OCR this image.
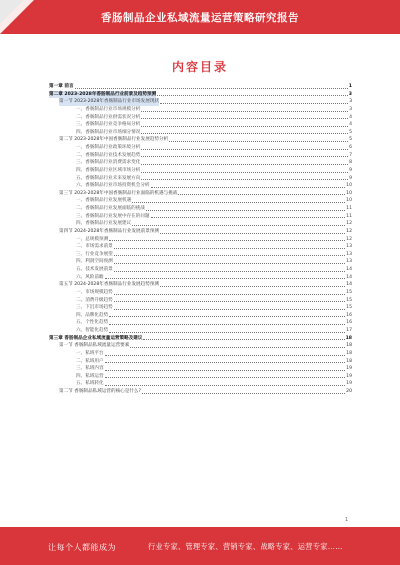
香肠制品企业私域流量运营策略研究报告
内容目录
第一章 前言	1
第二章 2023-2028年香肠制品行业前景及趋势预测	3
第一节 2023-2028年香肠制品行业市场发展现状	3
一、香肠制品行业市场规模分析	3
二、香肠制品行业供需状况分析	4
三、香肠制品行业竞争格局分析	4
四、香肠制品行业市场细分情况	5
第二节 2023-2028年中国香肠制品行业发展趋势分析	5
一、香肠制品行业政策环境分析	6
二、香肠制品行业技术发展趋势	7
三、香肠制品行业消费需求变化	8
四、香肠制品行业区域市场分析	9
五、香肠制品行业未来发展方向	9
六、香肠制品行业市场投资机会分析	10
第三节 2023-2028年中国香肠制品行业面临的机遇与挑战	10
一、香肠制品行业发展机遇	10
二、香肠制品行业发展面临的挑战	11
三、香肠制品行业发展中存在的问题	11
四、香肠制品行业发展建议	12
第四节 2024-2028年香肠制品行业发展前景预测	12
一、总规模预测	12
二、市场需求前景	13
三、行业竞争展望	13
四、利润空间预测	13
五、技术发展前景	14
六、风险前瞻	14
第五节 2024-2028年香肠制品行业发展趋势预测	14
一、市场规模趋势	15
二、消费升级趋势	15
三、下沉市场趋势	15
四、品牌化趋势	16
五、个性化趋势	16
六、智能化趋势	17
第三章 香肠制品企业私域流量运营策略及建议	18
第一节 香肠制品私域流量运营要素	18
一、私域平台	18
二、私域用户	18
三、私域内容	19
四、私域运营	19
五、私域转化	19
第二节 香肠制品私域运营的核心是什么?	20
1
让每个人都能成为	行业专家、管理专家、营销专家、战略专家、运营专家……
